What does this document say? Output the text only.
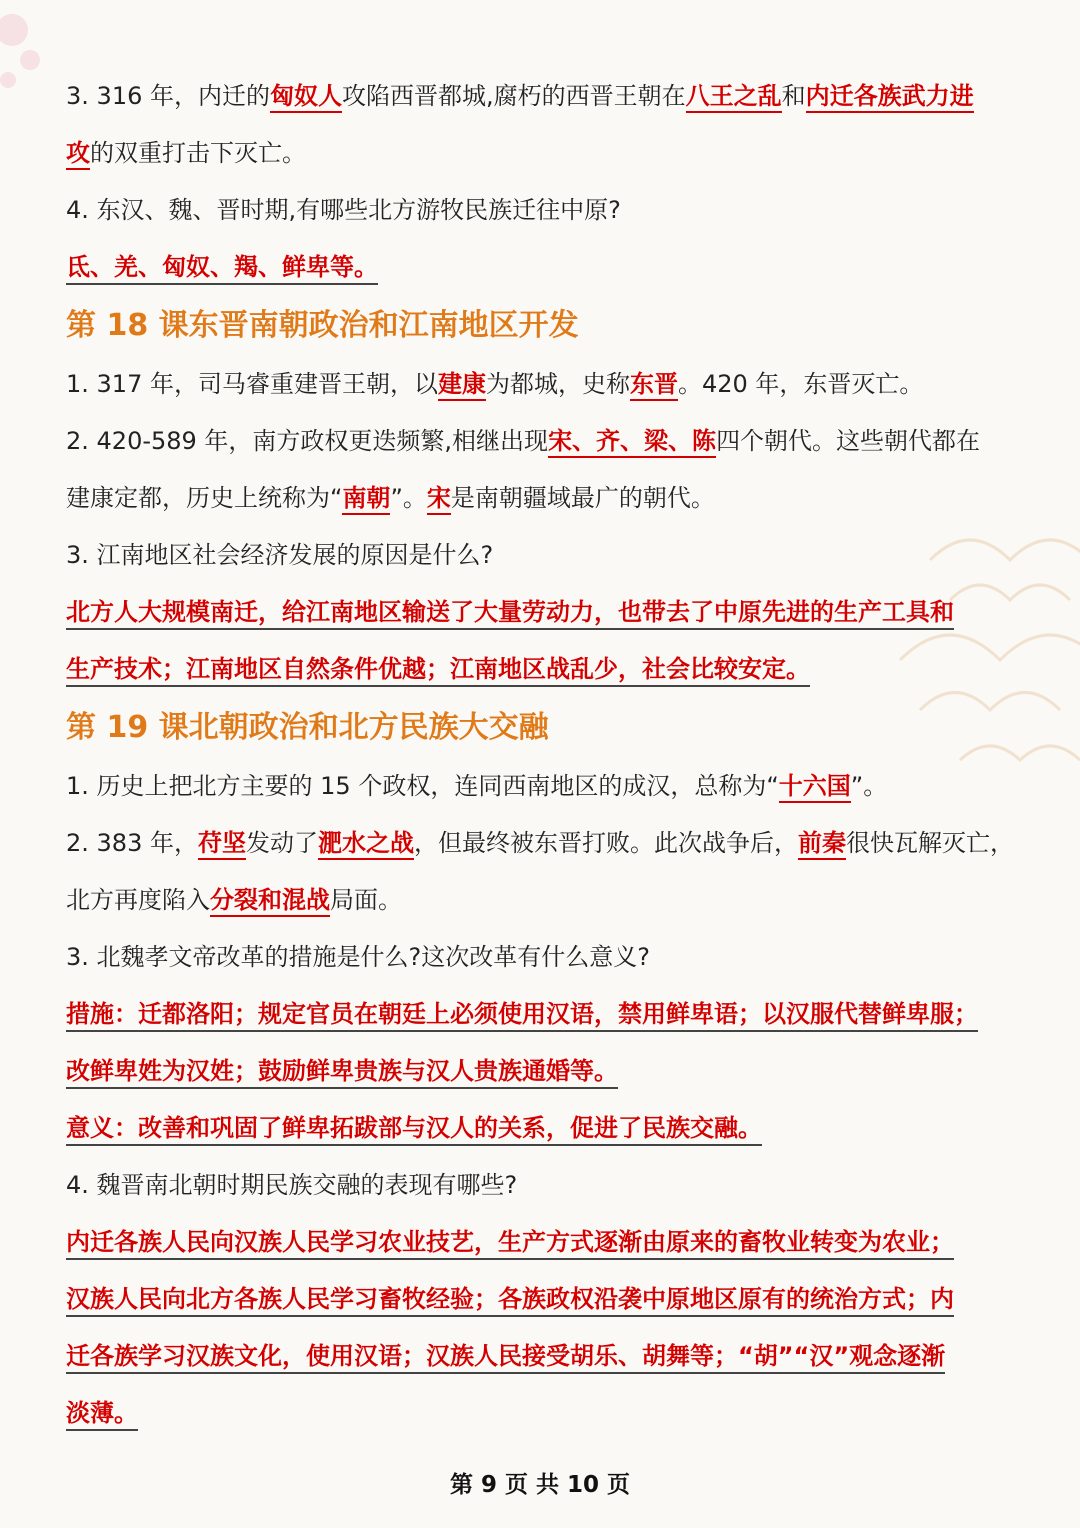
3. 316 年，内迁的匈奴人攻陷西晋都城,腐朽的西晋王朝在八王之乱和内迁各族武力进

攻的双重打击下灭亡。

4. 东汉、魏、晋时期,有哪些北方游牧民族迁往中原?

氐、羌、匈奴、羯、鲜卑等。

第 18 课东晋南朝政治和江南地区开发

1. 317 年，司马睿重建晋王朝，以建康为都城，史称东晋。420 年，东晋灭亡。

2. 420-589 年，南方政权更迭频繁,相继出现宋、齐、梁、陈四个朝代。这些朝代都在

建康定都，历史上统称为“南朝”。宋是南朝疆域最广的朝代。

3. 江南地区社会经济发展的原因是什么?

北方人大规模南迁，给江南地区输送了大量劳动力，也带去了中原先进的生产工具和

生产技术；江南地区自然条件优越；江南地区战乱少，社会比较安定。

第 19 课北朝政治和北方民族大交融

1. 历史上把北方主要的 15 个政权，连同西南地区的成汉，总称为“十六国”。

2. 383 年，苻坚发动了淝水之战，但最终被东晋打败。此次战争后，前秦很快瓦解灭亡，

北方再度陷入分裂和混战局面。

3. 北魏孝文帝改革的措施是什么?这次改革有什么意义?

措施：迁都洛阳；规定官员在朝廷上必须使用汉语，禁用鲜卑语；以汉服代替鲜卑服；

改鲜卑姓为汉姓；鼓励鲜卑贵族与汉人贵族通婚等。

意义：改善和巩固了鲜卑拓跋部与汉人的关系，促进了民族交融。

4. 魏晋南北朝时期民族交融的表现有哪些?

内迁各族人民向汉族人民学习农业技艺，生产方式逐渐由原来的畜牧业转变为农业；

汉族人民向北方各族人民学习畜牧经验；各族政权沿袭中原地区原有的统治方式；内

迁各族学习汉族文化，使用汉语；汉族人民接受胡乐、胡舞等；“胡”“汉”观念逐渐

淡薄。

第 9 页 共 10 页
